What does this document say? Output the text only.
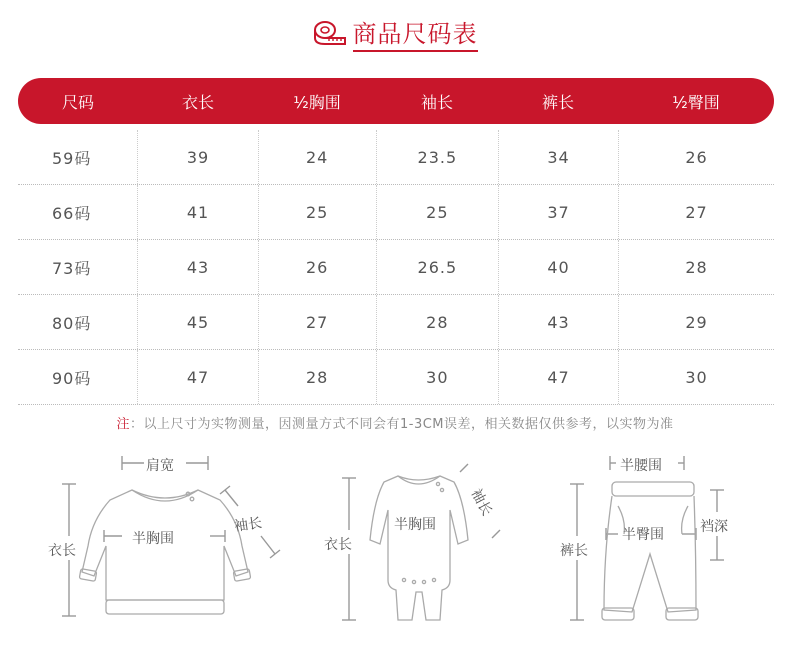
商品尺码表
尺码	衣长	½胸围	袖长	裤长	½臀围
59码	39	24	23.5	34	26
66码	41	25	25	37	27
73码	43	26	26.5	40	28
80码	45	27	28	43	29
90码	47	28	30	47	30
注：以上尺寸为实物测量，因测量方式不同会有1-3CM误差，相关数据仅供参考，以实物为准
肩宽
衣长
袖长
半胸围	衣长
半胸围
袖长
半腰围
裤长
裆深
半臀围
